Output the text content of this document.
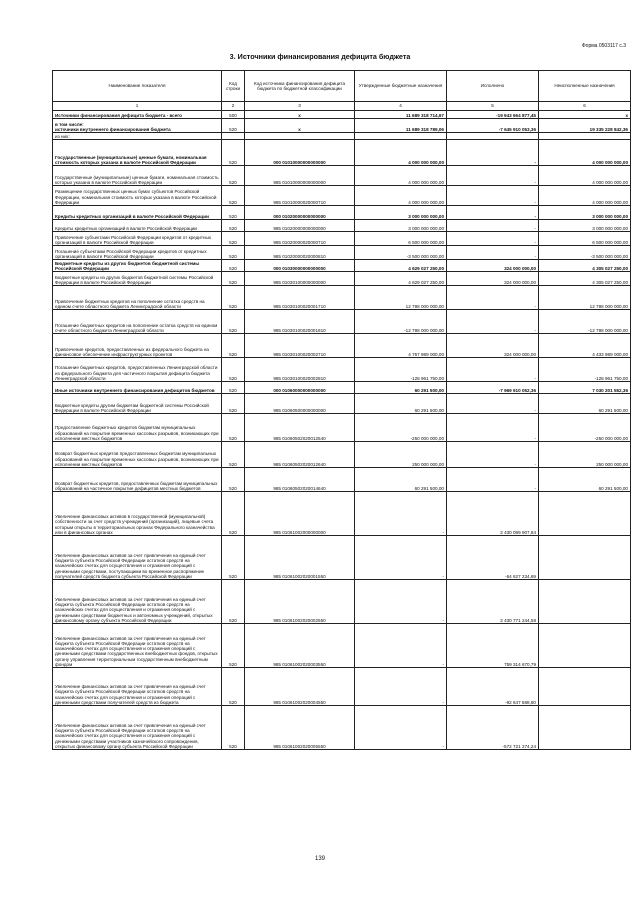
Форма 0503117 с.3
3. Источники финансирования дефицита бюджета
Наименование показателя	Код строки	Код источника финансирования дефицита бюджета по бюджетной классификации	Утвержденные бюджетные назначения	Исполнено	Неисполненные назначения
1	2	3	4	5	6
Источники финансирования дефицита бюджета - всего	500	x	11 689 318 714,67	-19 943 664 877,45	x
в том числе:
источники внутреннего финансирования бюджета	520	x	11 689 318 789,06	-7 645 910 053,36	19 335 228 842,36
из них:					
Государственные (муниципальные) ценные бумаги, номинальная стоимость которых указана в валюте Российской Федерации	520	000 01010000000000000	4 000 000 000,00	-	4 000 000 000,00
Государственные (муниципальные) ценные бумаги, номинальная стоимость которых указана в валюте Российской Федерации	520	985 01010000000000000	4 000 000 000,00	-	4 000 000 000,00
Размещение государственных ценных бумаг субъектов Российской Федерации, номинальная стоимость которых указана в валюте Российской Федерации	520	985 01010000020000710	4 000 000 000,00	-	4 000 000 000,00
Кредиты кредитных организаций в валюте Российской Федерации	520	000 01020000000000000	3 000 000 000,00	-	3 000 000 000,00
Кредиты кредитных организаций в валюте Российской Федерации	520	985 01020000000000000	3 000 000 000,00	-	3 000 000 000,00
Привлечение субъектами Российской Федерации кредитов от кредитных организаций в валюте Российской Федерации	520	985 01020000020000710	6 500 000 000,00	-	6 500 000 000,00
Погашение субъектами Российской Федерации кредитов от кредитных организаций в валюте Российской Федерации	520	985 01020000020000810	-3 500 000 000,00	-	-3 500 000 000,00
Бюджетные кредиты из других бюджетов бюджетной системы Российской Федерации	520	000 01030000000000000	4 629 027 250,00	324 000 000,00	4 305 027 250,00
Бюджетные кредиты из других бюджетов бюджетной системы Российской Федерации в валюте Российской Федерации	520	985 01030100000000000	4 629 027 250,00	324 000 000,00	4 305 027 250,00
Привлечение бюджетных кредитов на пополнение остатка средств на едином счете областного бюджета Ленинградской области	520	985 01030100020001710	12 788 000 000,00	-	12 788 000 000,00
Погашение бюджетных кредитов на пополнение остатка средств на едином счете областного бюджета Ленинградской области	520	985 01030100020001810	-12 788 000 000,00	-	-12 788 000 000,00
Привлечение кредитов, предоставленных из федерального бюджета на финансовое обеспечение инфраструктурных проектов	520	985 01030100020002710	4 757 989 000,00	324 000 000,00	4 433 989 000,00
Погашение бюджетных кредитов, предоставленных Ленинградской области из федерального бюджета для частичного покрытия дефицита бюджета Ленинградской области	520	985 01030100020002810	-128 961 750,00	-	-128 961 750,00
Иные источники внутреннего финансирования дефицитов бюджетов	520	000 01060000000000000	60 291 500,00	-7 969 910 052,36	7 030 201 552,36
Бюджетные кредиты другим бюджетам бюджетной системы Российской Федерации в валюте Российской Федерации	520	985 01060500000000000	60 291 500,00	-	60 291 500,00
Предоставление бюджетных кредитов бюджетам муниципальных образований на покрытие временных кассовых разрывов, возникающих при исполнении местных бюджетов	520	985 01060502020012540	-250 000 000,00	-	-250 000 000,00
Возврат бюджетных кредитов предоставленных бюджетам муниципальных образований на покрытие временных кассовых разрывов, возникающих при исполнении местных бюджетов	520	985 01060502020012640	250 000 000,00	-	250 000 000,00
Возврат бюджетных кредитов, предоставленных бюджетам муниципальных образований на частичное покрытие дефицитов местных бюджетов	520	985 01060502020014640	60 291 500,00	-	60 291 500,00
Увеличение финансовых активов в государственной (муниципальной) собственности за счет средств учреждений (организаций), лицевые счета которым открыты в территориальных органах Федерального казначейства или в финансовых органах	520	985 01061002000000000	-	2 430 089 907,84	
Увеличение финансовых активов за счет привлечения на единый счет бюджета субъекта Российской Федерации остатков средств на казначейских счетах для осуществления и отражения операций с денежными средствами, поступающими во временное распоряжение получателей средств бюджета субъекта Российской Федерации	520	985 01061002020001550	-	-64 627 234,69	
Увеличение финансовых активов за счет привлечения на единый счет бюджета субъекта Российской Федерации остатков средств на казначейских счетах для осуществления и отражения операций с денежными средствами бюджетных и автономных учреждений, открытых финансовому органу субъекта Российской Федерации	520	985 01061002020002550	-	2 430 771 244,58	
Увеличение финансовых активов за счет привлечения на единый счет бюджета субъекта Российской Федерации остатков средств на казначейских счетах для осуществления и отражения операций с денежными средствами государственных внебюджетных фондов, открытых органу управления территориальным государственным внебюджетным фондом	520	985 01061002020003550	-	759 314 670,79	
Увеличение финансовых активов за счет привлечения на единый счет бюджета субъекта Российской Федерации остатков средств на казначейских счетах для осуществления и отражения операций с денежными средствами получателей средств из бюджета	520	985 01061002020004550	-	-92 647 688,80	
Увеличение финансовых активов за счет привлечения на единый счет бюджета субъекта Российской Федерации остатков средств на казначейских счетах для осуществления и отражения операций с денежными средствами участников казначейского сопровождения, открытых финансовому органу субъекта Российской Федерации	520	985 01061002020005550	-	-572 721 274,24	
139
